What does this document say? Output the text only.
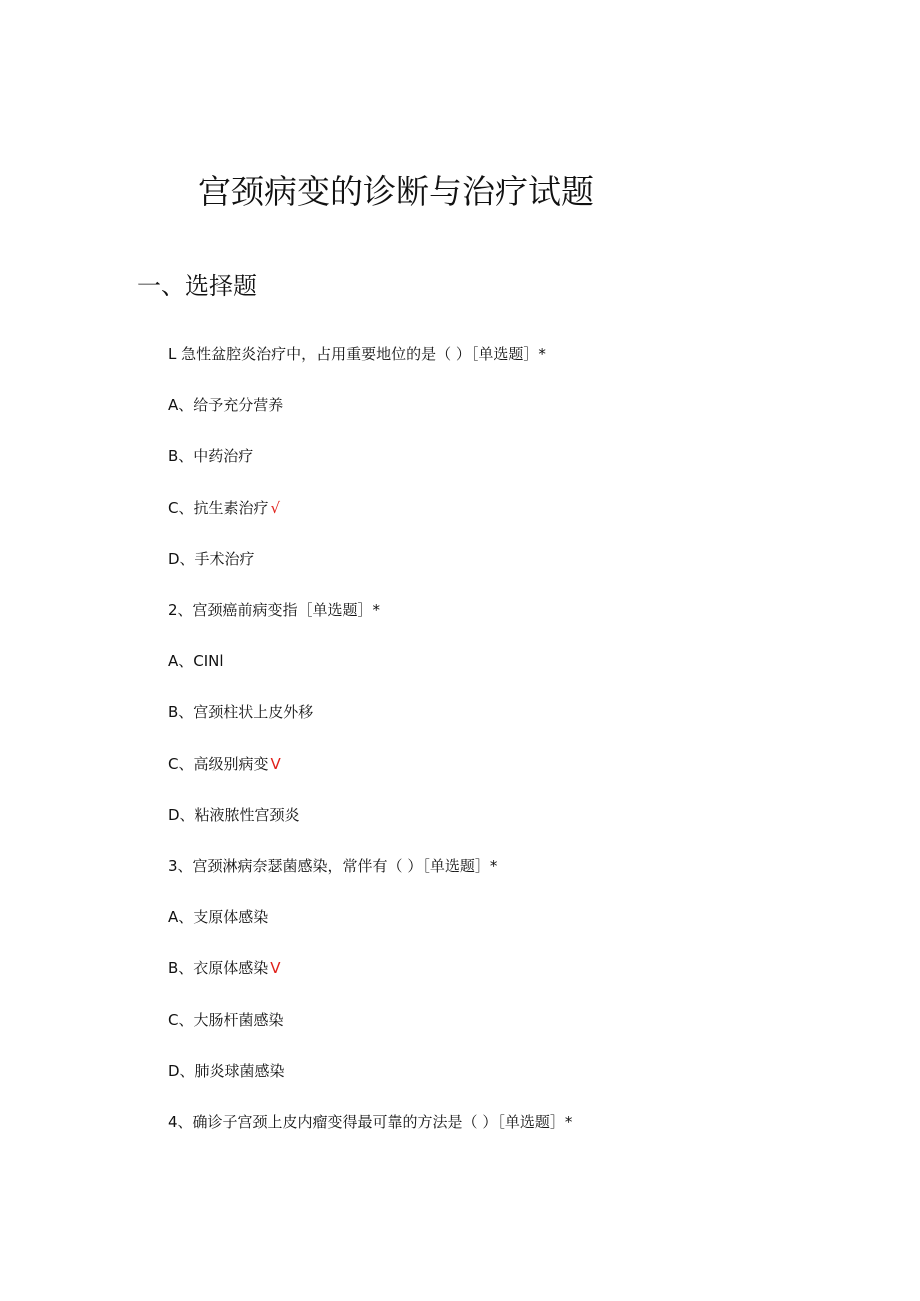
宫颈病变的诊断与治疗试题
一、选择题
L 急性盆腔炎治疗中，占用重要地位的是（ ）［单选题］*
A、给予充分营养
B、中药治疗
C、抗生素治疗 √
D、手术治疗
2、宫颈癌前病变指［单选题］*
A、CINl
B、宫颈柱状上皮外移
C、高级别病变 V
D、粘液脓性宫颈炎
3、宫颈淋病奈瑟菌感染，常伴有（ ）［单选题］*
A、支原体感染
B、衣原体感染 V
C、大肠杆菌感染
D、肺炎球菌感染
4、确诊子宫颈上皮内瘤变得最可靠的方法是（ ）［单选题］*
